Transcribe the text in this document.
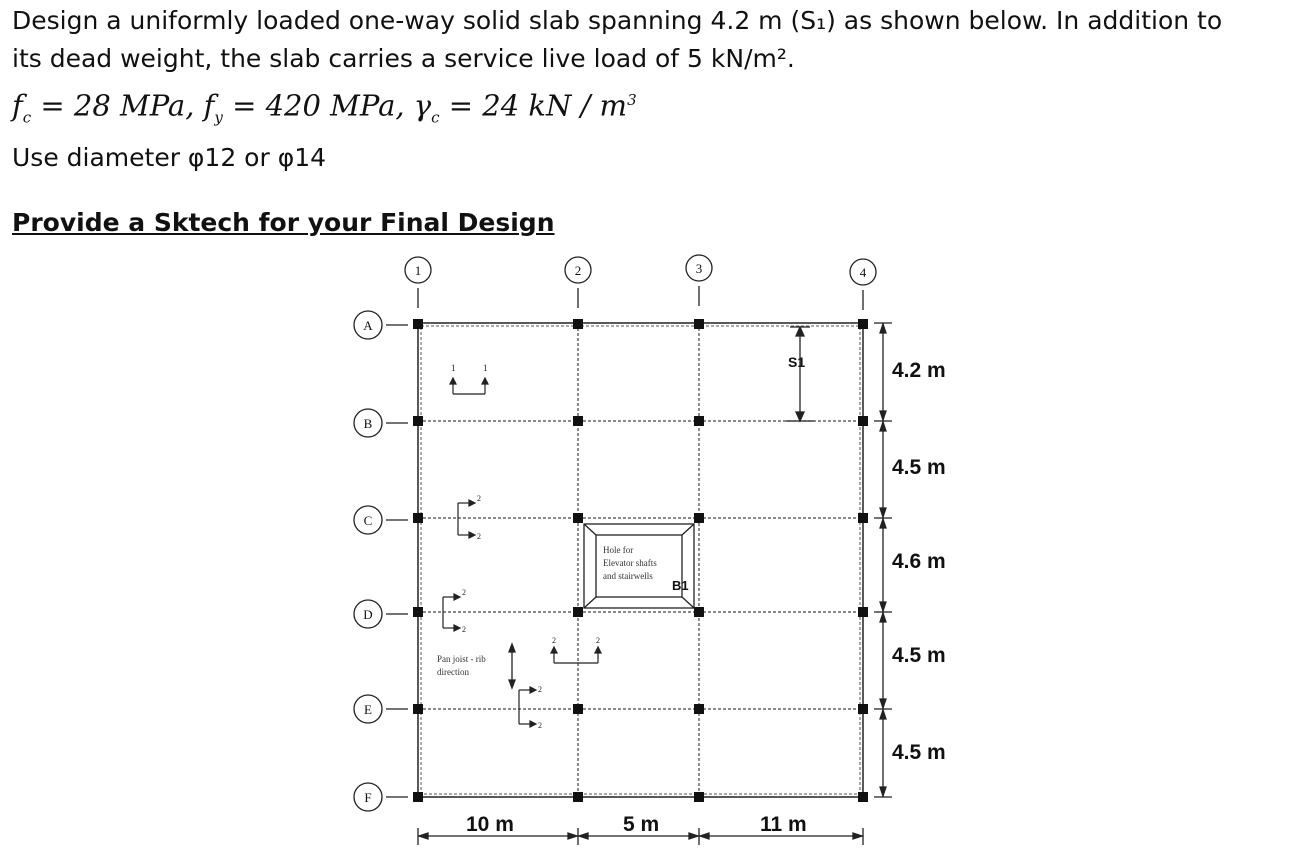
Design a uniformly loaded one-way solid slab spanning 4.2 m (S₁) as shown below. In addition to
its dead weight, the slab carries a service live load of 5 kN/m².
$f_c = 28$ MPa, $f_y = 420$ MPa, $\gamma_c = 24$ kN / $m^3$
Use diameter φ12 or φ14
Provide a Sktech for your Final Design
1	2	3	4
A
B
C
D
E
F
Hole for
Elevator shafts
and stairwells
B1
S1
1	1
2
2
2
2
2	2
2
2
Pan joist - rib
direction
4.2 m
4.5 m
4.6 m
4.5 m
4.5 m
10 m	5 m	11 m
